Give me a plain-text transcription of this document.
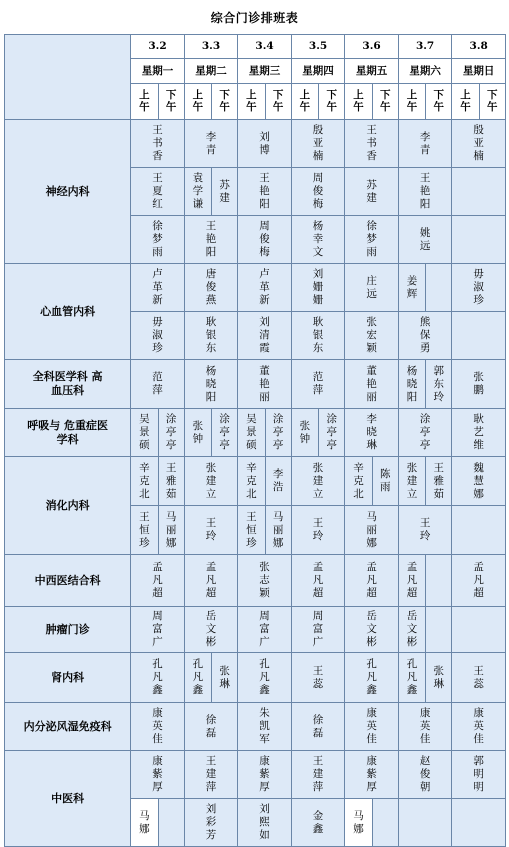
综合门诊排班表
	3.2		3.3		3.4		3.5		3.6		3.7		3.8	
	星期一		星期二		星期三		星期四		星期五		星期六		星期日	
	上午	下午	上午	下午	上午	下午	上午	下午	上午	下午	上午	下午	上午	下午
神经内科	王书香		李青		刘博		殷亚楠		王书香		李青		殷亚楠	
	王夏红		袁学谦	苏建	王艳阳		周俊梅		苏建		王艳阳			
	徐梦雨		王艳阳		周俊梅		杨幸文		徐梦雨		姚远			
心血管内科	卢革新		唐俊燕		卢革新		刘姗姗		庄远		姜辉		毋淑珍	
	毋淑珍		耿银东		刘清霞		耿银东		张宏颖		熊保勇			
全科医学科 高血压科	范萍		杨晓阳		董艳丽		范萍		董艳丽		杨晓阳	郭东玲	张鹏	
呼吸与 危重症医学科	吴景硕	涂亭亭	张钟	涂亭亭	吴景硕	涂亭亭	张钟	涂亭亭	李晓琳		涂亭亭		耿艺维	
消化内科	辛克北	王雅茹	张建立		辛克北	李浩	张建立		辛克北	陈雨	张建立	王雅茹	魏慧娜	
	王恒珍	马丽娜	王玲		王恒珍	马丽娜	王玲		马丽娜		王玲			
中西医结合科	孟凡超		孟凡超		张志颖		孟凡超		孟凡超		孟凡超		孟凡超	
肿瘤门诊	周富广		岳文彬		周富广		周富广		岳文彬		岳文彬			
肾内科	孔凡鑫		孔凡鑫	张琳	孔凡鑫		王蕊		孔凡鑫		孔凡鑫	张琳	王蕊	
内分泌风湿免疫科	康英佳		徐磊		朱凯军		徐磊		康英佳		康英佳		康英佳	
中医科	康紫厚		王建萍		康紫厚		王建萍		康紫厚		赵俊朝		郭明明	
	马娜		刘彩芳		刘熙如		金鑫		马娜					
